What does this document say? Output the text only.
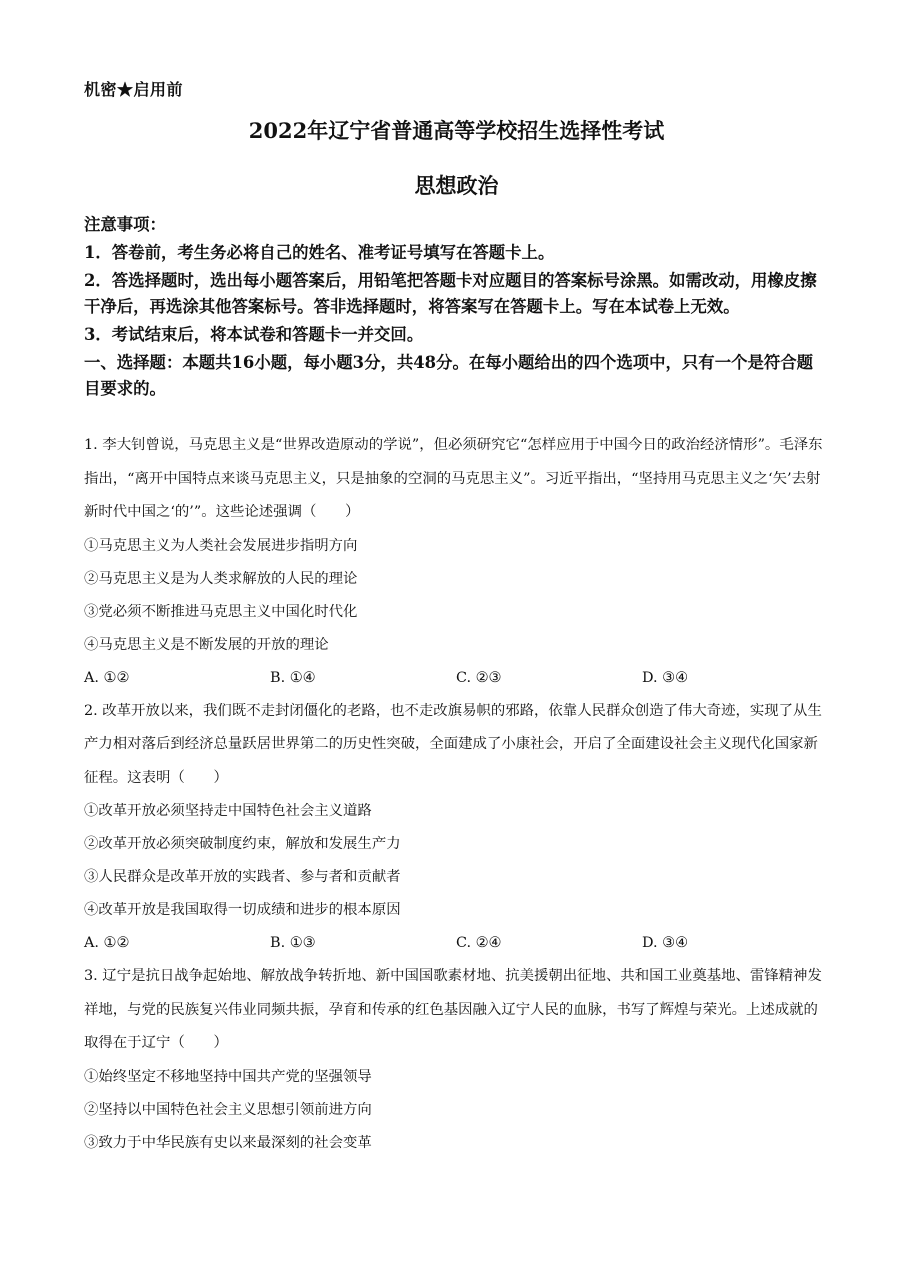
机密★启用前
2022年辽宁省普通高等学校招生选择性考试
思想政治
注意事项：
1．答卷前，考生务必将自己的姓名、准考证号填写在答题卡上。
2．答选择题时，选出每小题答案后，用铅笔把答题卡对应题目的答案标号涂黑。如需改动，用橡皮擦干净后，再选涂其他答案标号。答非选择题时，将答案写在答题卡上。写在本试卷上无效。
3．考试结束后，将本试卷和答题卡一并交回。
一、选择题：本题共16小题，每小题3分，共48分。在每小题给出的四个选项中，只有一个是符合题目要求的。
1. 李大钊曾说，马克思主义是“世界改造原动的学说”，但必须研究它“怎样应用于中国今日的政治经济情形”。毛泽东指出，“离开中国特点来谈马克思主义，只是抽象的空洞的马克思主义”。习近平指出，“坚持用马克思主义之‘矢’去射新时代中国之‘的’”。这些论述强调（　　）
①马克思主义为人类社会发展进步指明方向
②马克思主义是为人类求解放的人民的理论
③党必须不断推进马克思主义中国化时代化
④马克思主义是不断发展的开放的理论
A. ①②	B. ①④	C. ②③	D. ③④
2. 改革开放以来，我们既不走封闭僵化的老路，也不走改旗易帜的邪路，依靠人民群众创造了伟大奇迹，实现了从生产力相对落后到经济总量跃居世界第二的历史性突破，全面建成了小康社会，开启了全面建设社会主义现代化国家新征程。这表明（　　）
①改革开放必须坚持走中国特色社会主义道路
②改革开放必须突破制度约束，解放和发展生产力
③人民群众是改革开放的实践者、参与者和贡献者
④改革开放是我国取得一切成绩和进步的根本原因
A. ①②	B. ①③	C. ②④	D. ③④
3. 辽宁是抗日战争起始地、解放战争转折地、新中国国歌素材地、抗美援朝出征地、共和国工业奠基地、雷锋精神发祥地，与党的民族复兴伟业同频共振，孕育和传承的红色基因融入辽宁人民的血脉，书写了辉煌与荣光。上述成就的取得在于辽宁（　　）
①始终坚定不移地坚持中国共产党的坚强领导
②坚持以中国特色社会主义思想引领前进方向
③致力于中华民族有史以来最深刻的社会变革
